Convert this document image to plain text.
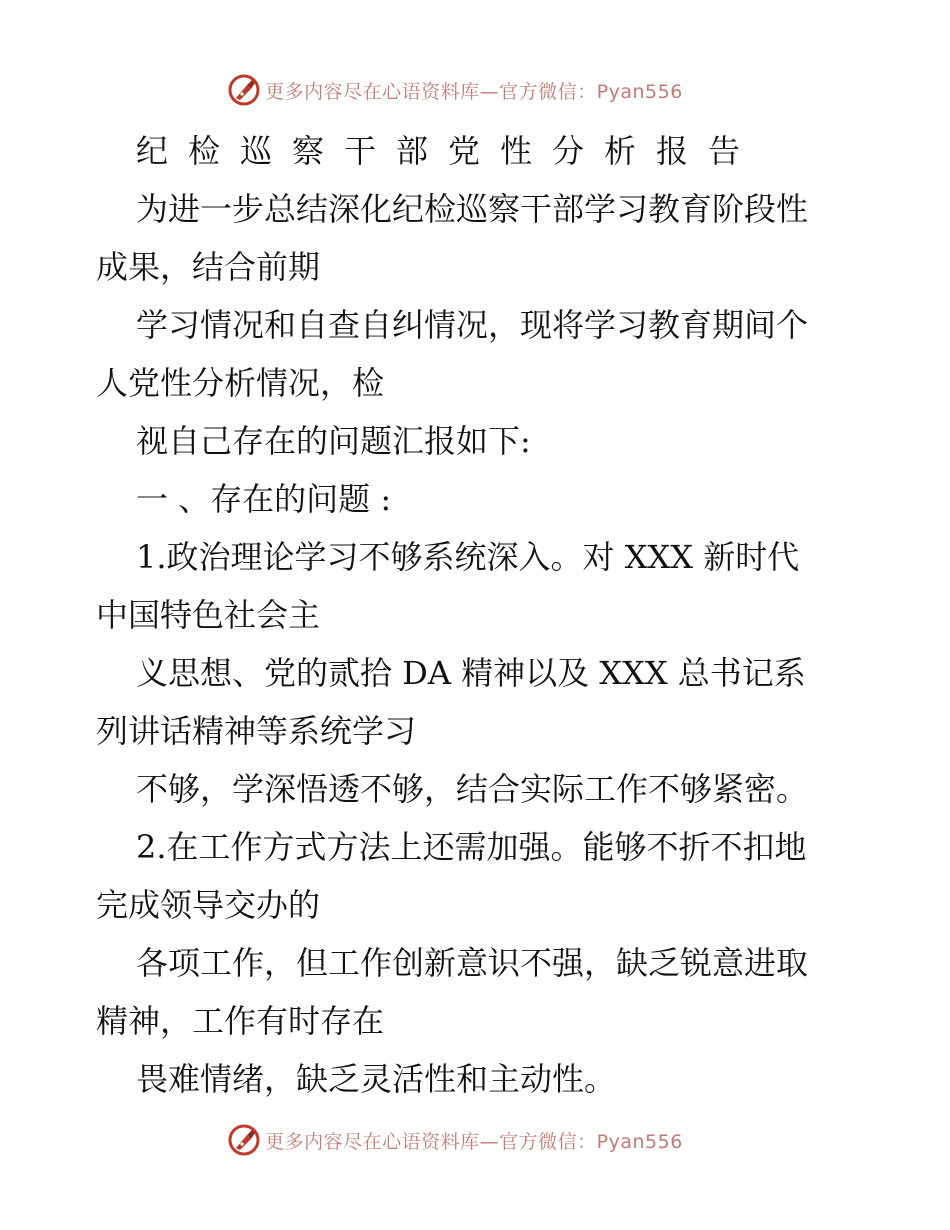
更多内容尽在心语资料库—官方微信：Pyan556
纪检巡察干部党性分析报告
为进一步总结深化纪检巡察干部学习教育阶段性
成果，结合前期
学习情况和自查自纠情况，现将学习教育期间个
人党性分析情况，检
视自己存在的问题汇报如下:
一 、存在的问题 :
1.政治理论学习不够系统深入。对 XXX 新时代
中国特色社会主
义思想、党的贰拾 DA 精神以及 XXX 总书记系
列讲话精神等系统学习
不够，学深悟透不够，结合实际工作不够紧密。
2.在工作方式方法上还需加强。能够不折不扣地
完成领导交办的
各项工作，但工作创新意识不强，缺乏锐意进取
精神，工作有时存在
畏难情绪，缺乏灵活性和主动性。
更多内容尽在心语资料库—官方微信：Pyan556
